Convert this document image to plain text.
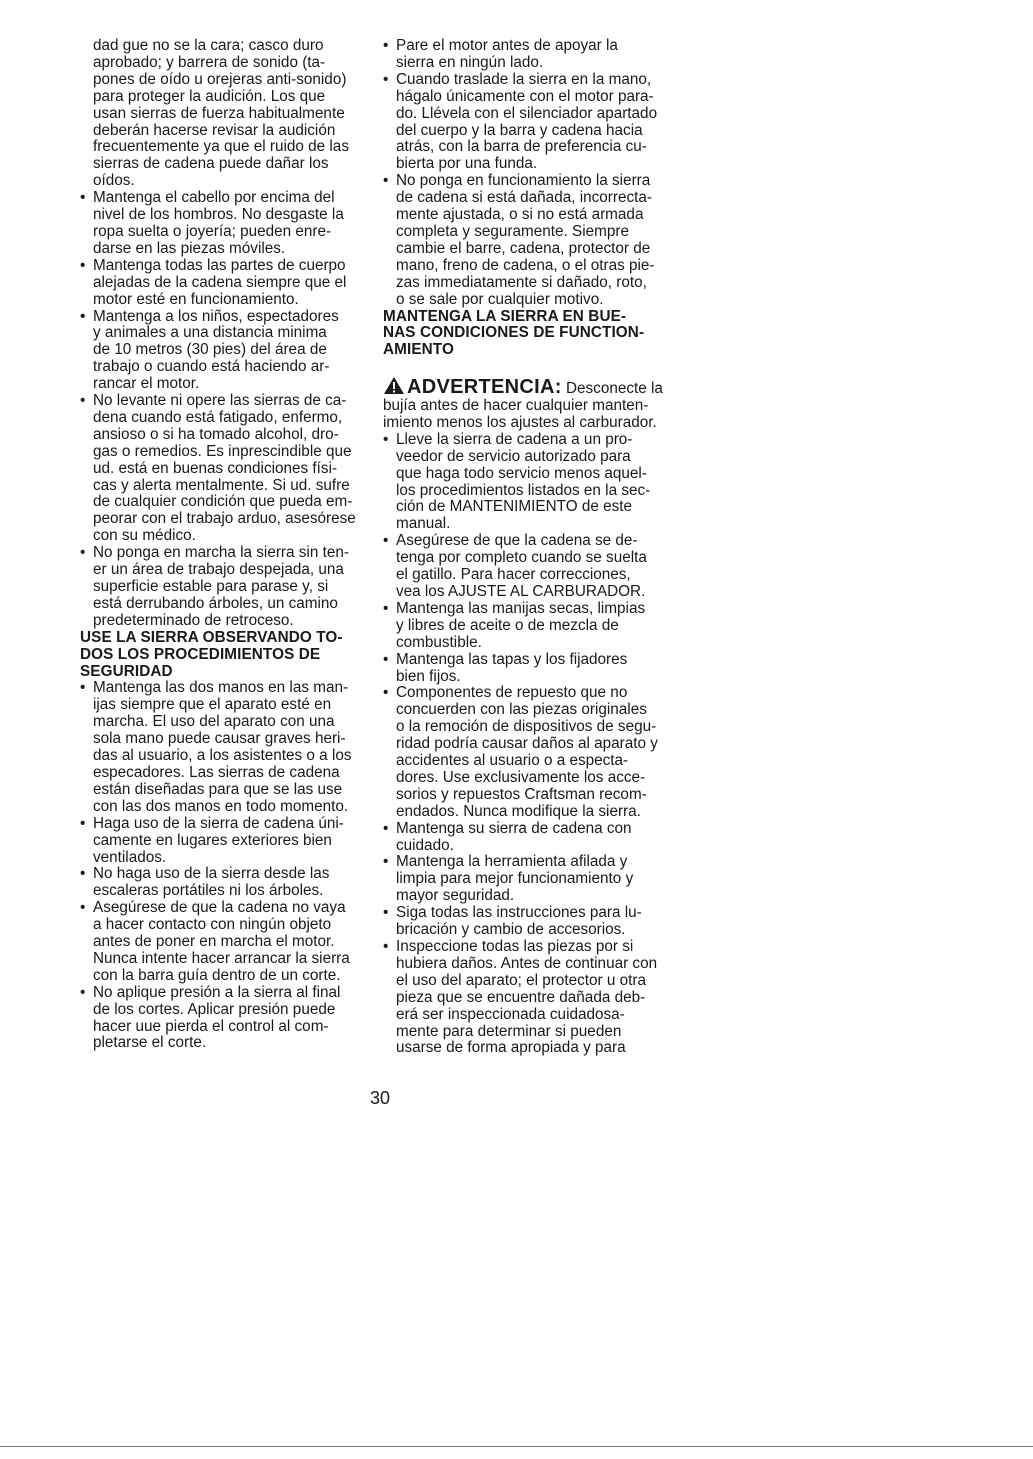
dad gue no se la cara; casco duro
aprobado; y barrera de sonido (ta-
pones de oído u orejeras anti-sonido)
para proteger la audición. Los que
usan sierras de fuerza habitualmente
deberán hacerse revisar la audición
frecuentemente ya que el ruido de las
sierras de cadena puede dañar los
oídos.
• Mantenga el cabello por encima del
nivel de los hombros. No desgaste la
ropa suelta o joyería; pueden enre-
darse en las piezas móviles.
• Mantenga todas las partes de cuerpo
alejadas de la cadena siempre que el
motor esté en funcionamiento.
• Mantenga a los niños, espectadores
y animales a una distancia minima
de 10 metros (30 pies) del área de
trabajo o cuando está haciendo ar-
rancar el motor.
• No levante ni opere las sierras de ca-
dena cuando está fatigado, enfermo,
ansioso o si ha tomado alcohol, dro-
gas o remedios. Es inprescindible que
ud. está en buenas condiciones físi-
cas y alerta mentalmente. Si ud. sufre
de cualquier condición que pueda em-
peorar con el trabajo arduo, asesórese
con su médico.
• No ponga en marcha la sierra sin ten-
er un área de trabajo despejada, una
superficie estable para parase y, si
está derrubando árboles, un camino
predeterminado de retroceso.
USE LA SIERRA OBSERVANDO TO-
DOS LOS PROCEDIMIENTOS DE
SEGURIDAD
• Mantenga las dos manos en las man-
ijas siempre que el aparato esté en
marcha. El uso del aparato con una
sola mano puede causar graves heri-
das al usuario, a los asistentes o a los
especadores. Las sierras de cadena
están diseñadas para que se las use
con las dos manos en todo momento.
• Haga uso de la sierra de cadena úni-
camente en lugares exteriores bien
ventilados.
• No haga uso de la sierra desde las
escaleras portátiles ni los árboles.
• Asegúrese de que la cadena no vaya
a hacer contacto con ningún objeto
antes de poner en marcha el motor.
Nunca intente hacer arrancar la sierra
con la barra guía dentro de un corte.
• No aplique presión a la sierra al final
de los cortes. Aplicar presión puede
hacer uue pierda el control al com-
pletarse el corte.
• Pare el motor antes de apoyar la
sierra en ningún lado.
• Cuando traslade la sierra en la mano,
hágalo únicamente con el motor para-
do. Llévela con el silenciador apartado
del cuerpo y la barra y cadena hacia
atrás, con la barra de preferencia cu-
bierta por una funda.
• No ponga en funcionamiento la sierra
de cadena si está dañada, incorrecta-
mente ajustada, o si no está armada
completa y seguramente. Siempre
cambie el barre, cadena, protector de
mano, freno de cadena, o el otras pie-
zas immediatamente si dañado, roto,
o se sale por cualquier motivo.
MANTENGA LA SIERRA EN BUE-
NAS CONDICIONES DE FUNCTION-
AMIENTO
ADVERTENCIA: Desconecte la
bujía antes de hacer cualquier manten-
imiento menos los ajustes al carburador.
• Lleve la sierra de cadena a un pro-
veedor de servicio autorizado para
que haga todo servicio menos aquel-
los procedimientos listados en la sec-
ción de MANTENIMIENTO de este
manual.
• Asegúrese de que la cadena se de-
tenga por completo cuando se suelta
el gatillo. Para hacer correcciones,
vea los AJUSTE AL CARBURADOR.
• Mantenga las manijas secas, limpias
y libres de aceite o de mezcla de
combustible.
• Mantenga las tapas y los fijadores
bien fijos.
• Componentes de repuesto que no
concuerden con las piezas originales
o la remoción de dispositivos de segu-
ridad podría causar daños al aparato y
accidentes al usuario o a especta-
dores. Use exclusivamente los acce-
sorios y repuestos Craftsman recom-
endados. Nunca modifique la sierra.
• Mantenga su sierra de cadena con
cuidado.
• Mantenga la herramienta afilada y
limpia para mejor funcionamiento y
mayor seguridad.
• Siga todas las instrucciones para lu-
bricación y cambio de accesorios.
• Inspeccione todas las piezas por si
hubiera daños. Antes de continuar con
el uso del aparato; el protector u otra
pieza que se encuentre dañada deb-
erá ser inspeccionada cuidadosa-
mente para determinar si pueden
usarse de forma apropiada y para
30
